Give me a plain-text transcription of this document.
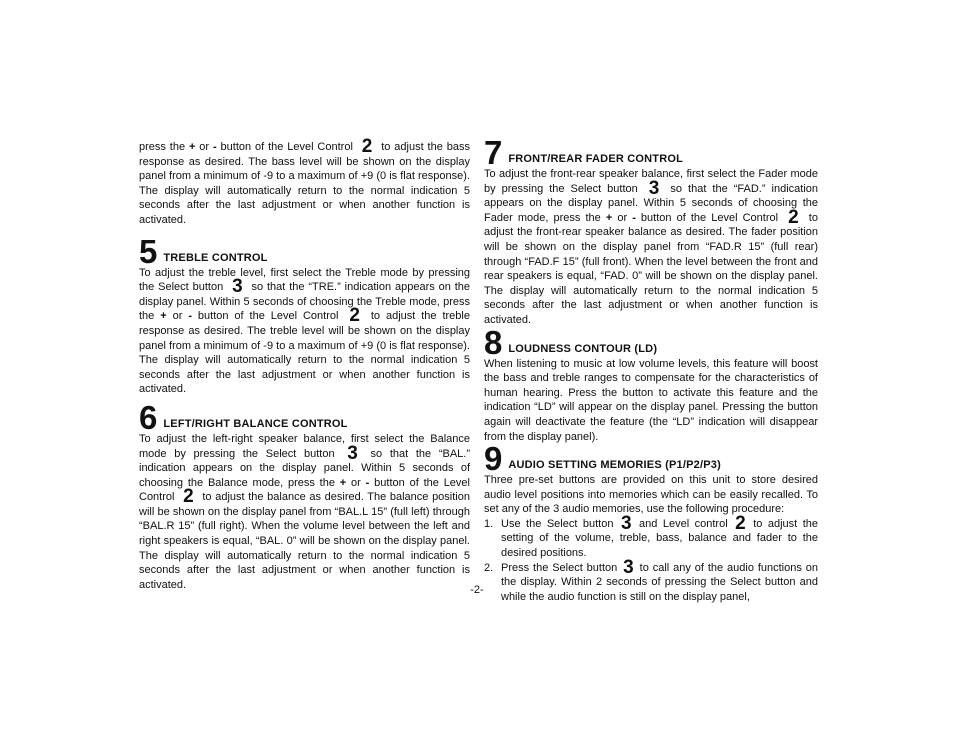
press the + or - button of the Level Control 2 to adjust the bass response as desired. The bass level will be shown on the display panel from a minimum of -9 to a maximum of +9 (0 is flat response). The display will automatically return to the normal indication 5 seconds after the last adjustment or when another function is activated.

5 TREBLE CONTROL

To adjust the treble level, first select the Treble mode by pressing the Select button 3 so that the “TRE.” indication appears on the display panel. Within 5 seconds of choosing the Treble mode, press the + or - button of the Level Control 2 to adjust the treble response as desired. The treble level will be shown on the display panel from a minimum of -9 to a maximum of +9 (0 is flat response). The display will automatically return to the normal indication 5 seconds after the last adjustment or when another function is activated.

6 LEFT/RIGHT BALANCE CONTROL

To adjust the left-right speaker balance, first select the Balance mode by pressing the Select button 3 so that the “BAL.” indication appears on the display panel. Within 5 seconds of choosing the Balance mode, press the + or - button of the Level Control 2 to adjust the balance as desired. The balance position will be shown on the display panel from “BAL.L 15” (full left) through “BAL.R 15” (full right). When the volume level between the left and right speakers is equal, “BAL. 0” will be shown on the display panel. The display will automatically return to the normal indication 5 seconds after the last adjustment or when another function is activated.

7 FRONT/REAR FADER CONTROL

To adjust the front-rear speaker balance, first select the Fader mode by pressing the Select button 3 so that the “FAD.” indication appears on the display panel. Within 5 seconds of choosing the Fader mode, press the + or - button of the Level Control 2 to adjust the front-rear speaker balance as desired. The fader position will be shown on the display panel from “FAD.R 15” (full rear) through “FAD.F 15” (full front). When the level between the front and rear speakers is equal, “FAD. 0” will be shown on the display panel. The display will automatically return to the normal indication 5 seconds after the last adjustment or when another function is activated.

8 LOUDNESS CONTOUR (LD)

When listening to music at low volume levels, this feature will boost the bass and treble ranges to compensate for the characteristics of human hearing. Press the button to activate this feature and the indication “LD” will appear on the display panel. Pressing the button again will deactivate the feature (the “LD” indication will disappear from the display panel).

9 AUDIO SETTING MEMORIES (P1/P2/P3)

Three pre-set buttons are provided on this unit to store desired audio level positions into memories which can be easily recalled. To set any of the 3 audio memories, use the following procedure:

1. Use the Select button 3 and Level control 2 to adjust the setting of the volume, treble, bass, balance and fader to the desired positions.
2. Press the Select button 3 to call any of the audio functions on the display. Within 2 seconds of pressing the Select button and while the audio function is still on the display panel,
-2-
